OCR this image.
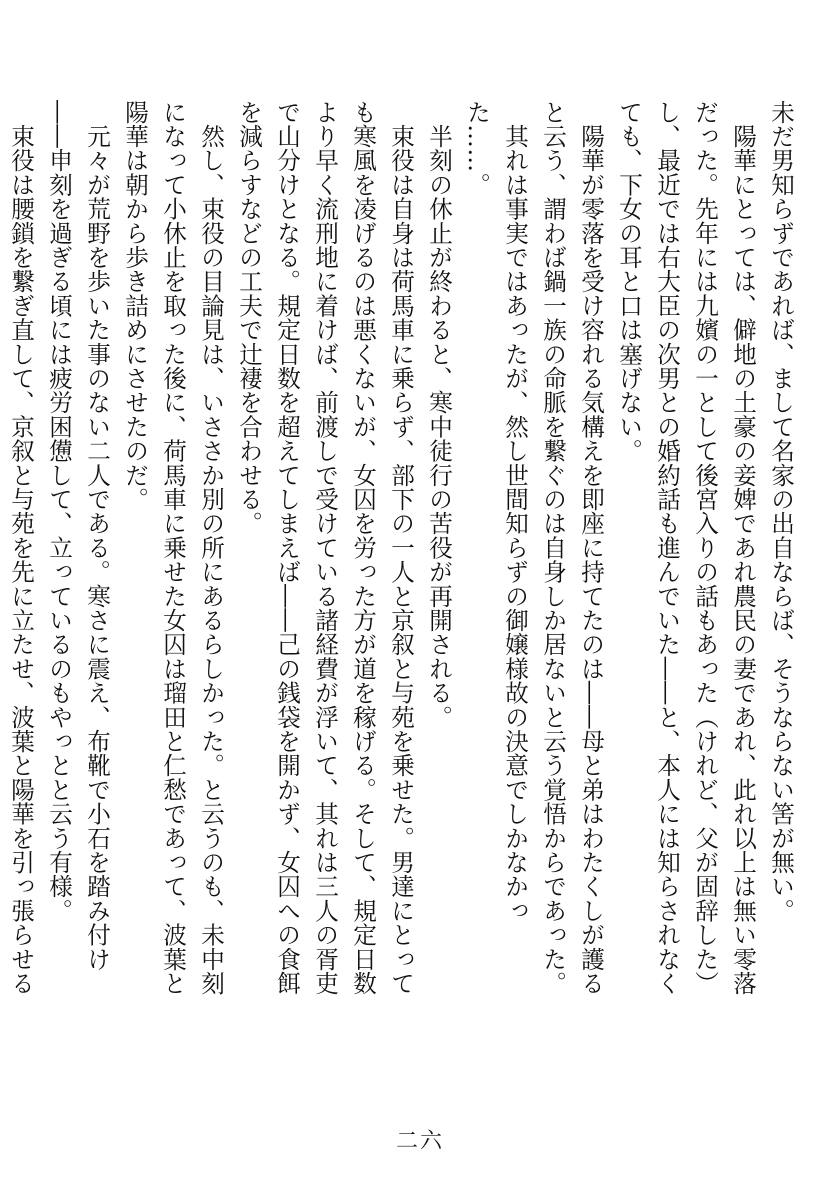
未だ男知らずであれば、まして名家の出自ならば、そうならない筈が無い。

　陽華にとっては、僻地の土豪の妾婢であれ農民の妻であれ、此れ以上は無い零落だった。先年には九嬪の一として後宮入りの話もあった（けれど、父が固辞した）し、最近では右大臣の次男との婚約話も進んでいた――と、本人には知らされなくても、下女の耳と口は塞げない。

　陽華が零落を受け容れる気構えを即座に持てたのは――母と弟はわたくしが護ると云う、謂わば鍋一族の命脈を繋ぐのは自身しか居ないと云う覚悟からであった。

　其れは事実ではあったが、然し世間知らずの御嬢様故の決意でしかなかった……。

　半刻の休止が終わると、寒中徒行の苦役が再開される。

　束役は自身は荷馬車に乗らず、部下の一人と京叙と与苑を乗せた。男達にとっても寒風を凌げるのは悪くないが、女囚を労った方が道を稼げる。そして、規定日数より早く流刑地に着けば、前渡しで受けている諸経費が浮いて、其れは三人の胥吏で山分けとなる。規定日数を超えてしまえば――己の銭袋を開かず、女囚への食餌を減らすなどの工夫で辻褄を合わせる。

　然し、束役の目論見は、いささか別の所にあるらしかった。と云うのも、未中刻になって小休止を取った後に、荷馬車に乗せた女囚は瑠田と仁愁であって、波葉と陽華は朝から歩き詰めにさせたのだ。

　元々が荒野を歩いた事のない二人である。寒さに震え、布靴で小石を踏み付け――申刻を過ぎる頃には疲労困憊して、立っているのもやっとと云う有様。

　束役は腰鎖を繋ぎ直して、京叙と与苑を先に立たせ、波葉と陽華を引っ張らせる

二六
